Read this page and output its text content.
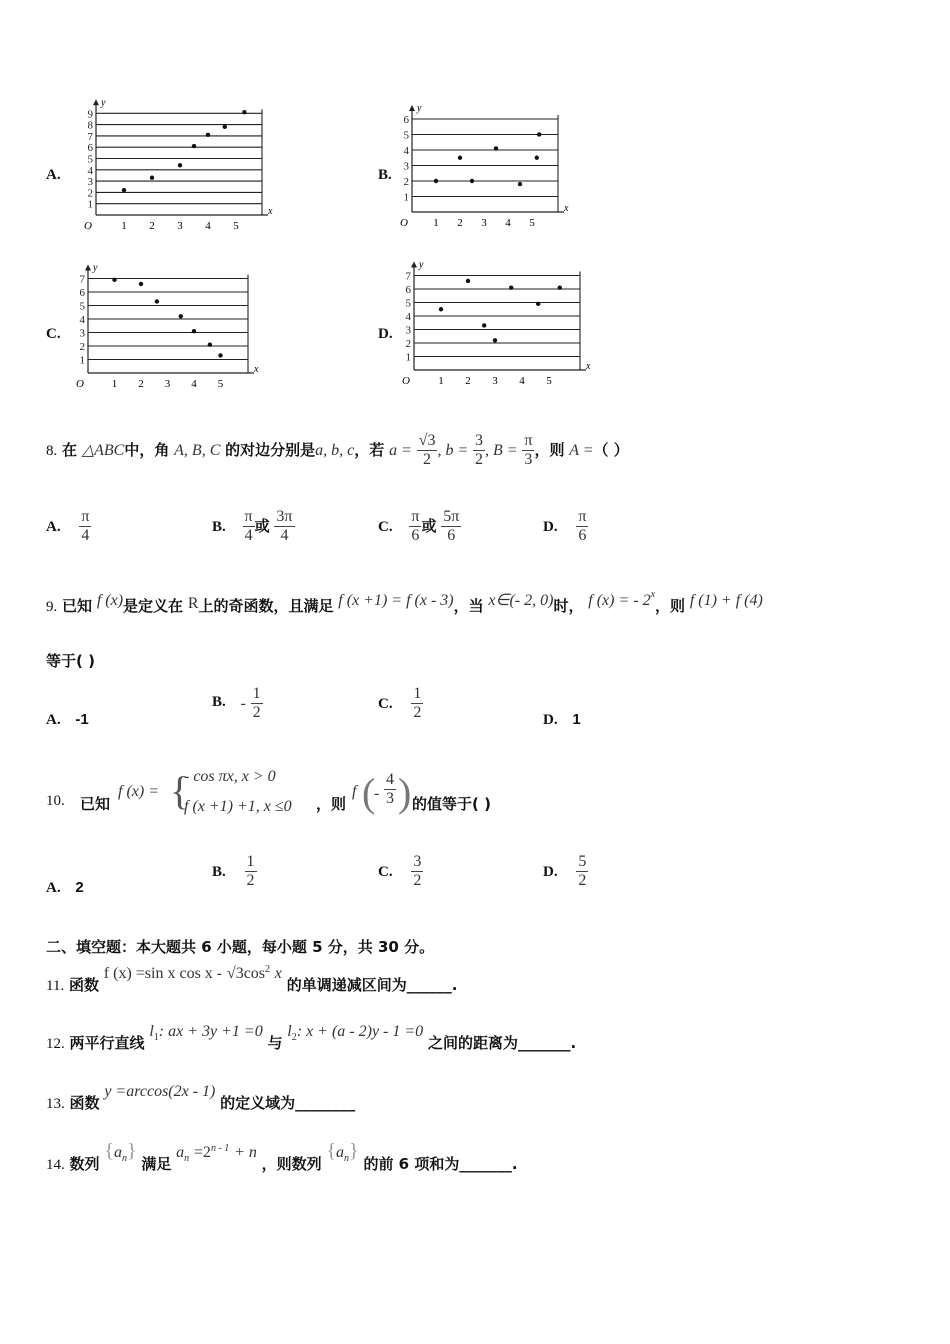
A.
1
2
3
4
5
6
7
8
9
y
x
O	1 2 3 4 5
B.
1
2
3
4
5
6
y
x
O 1 2 3 4 5
C.
1
2
3
4
5
6
7
y
x
O	1 2 3 4 5
D.
1
2
3
4
5
6
7
y
x
O	1 2 3 4 5
8. 在 △ABC中，角 A, B, C 的对边分别是a, b, c，若 $a = \frac{√3}{2}$ , $b = \frac{3}{2}$ , $B = \frac{\pi}{3}$ ，则 A =（ ）
A. $\frac{\pi}{4}$	B. $\frac{\pi}{4}$ 或 $\frac{3\pi}{4}$	C. $\frac{\pi}{6}$ 或 $\frac{5\pi}{6}$	D. $\frac{\pi}{6}$
9. 已知 f (x)是定义在 R上的奇函数，且满足 f (x +1) = f (x - 3)，当 x∈(- 2, 0)时， f (x) = - 2$^x$，则 f (1) + f (4)
等于( )
A. -1
B. - $\frac{1}{2}$	C. $\frac{1}{2}$	D. 1
10. 已知
f (x) = {
- cos πx, x > 0
f (x +1) +1, x ≤0 ，则
f (
- $\frac{4}{3}$ ) 的值等于( )
A. 2
B. $\frac{1}{2}$	C. $\frac{3}{2}$	D. $\frac{5}{2}$
二、填空题：本大题共 6 小题，每小题 5 分，共 30 分。
11. 函数 f (x) =sin x cos x - $√3\cos^2$ x 的单调递减区间为______.
12. 两平行直线 $l_1$: ax + 3y +1 =0 与 $l_2$: x + (a - 2)y - 1 =0 之间的距离为_______.
13. 函数 y =arccos(2x - 1) 的定义域为________
14. 数列 $\{a_n\}$ 满足 $a_n =2^{n - 1} + n$ ，则数列 $\{a_n\}$ 的前 6 项和为_______.
